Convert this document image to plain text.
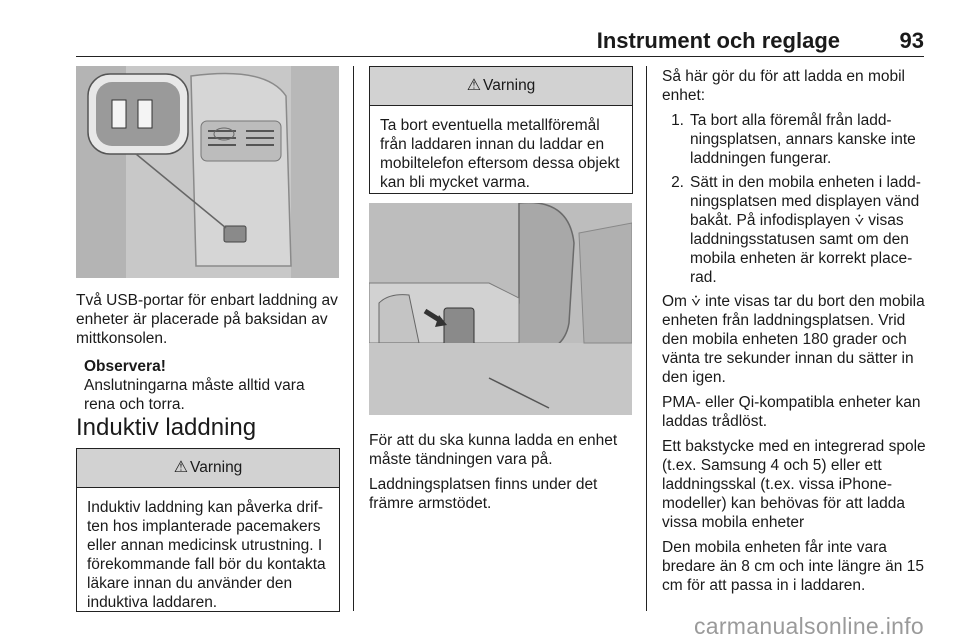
Instrument och reglage	93

Två USB-portar för enbart laddning av enheter är placerade på baksidan av mittkonsolen.

Observera!

Anslutningarna måste alltid vara rena och torra.

Induktiv laddning
⚠ Varning
Induktiv laddning kan påverka drif-ten hos implanterade pacemakers eller annan medicinsk utrustning. I förekommande fall bör du kontakta läkare innan du använder den induktiva laddaren.
⚠ Varning
Ta bort eventuella metallföremål från laddaren innan du laddar en mobiltelefon eftersom dessa objekt kan bli mycket varma.

För att du ska kunna ladda en enhet måste tändningen vara på.

Laddningsplatsen finns under det främre armstödet.

Så här gör du för att ladda en mobil enhet:

1. Ta bort alla föremål från ladd-ningsplatsen, annars kanske inte laddningen fungerar.
2. Sätt in den mobila enheten i ladd-ningsplatsen med displayen vänd bakåt. På infodisplayen ⩒ visas laddningsstatusen samt om den mobila enheten är korrekt place-rad.

Om ⩒ inte visas tar du bort den mobila enheten från laddningsplatsen. Vrid den mobila enheten 180 grader och vänta tre sekunder innan du sätter in den igen.

PMA- eller Qi-kompatibla enheter kan laddas trådlöst.

Ett bakstycke med en integrerad spole (t.ex. Samsung 4 och 5) eller ett laddningsskal (t.ex. vissa iPhone-modeller) kan behövas för att ladda vissa mobila enheter

Den mobila enheten får inte vara bredare än 8 cm och inte längre än 15 cm för att passa in i laddaren.

carmanualsonline.info
